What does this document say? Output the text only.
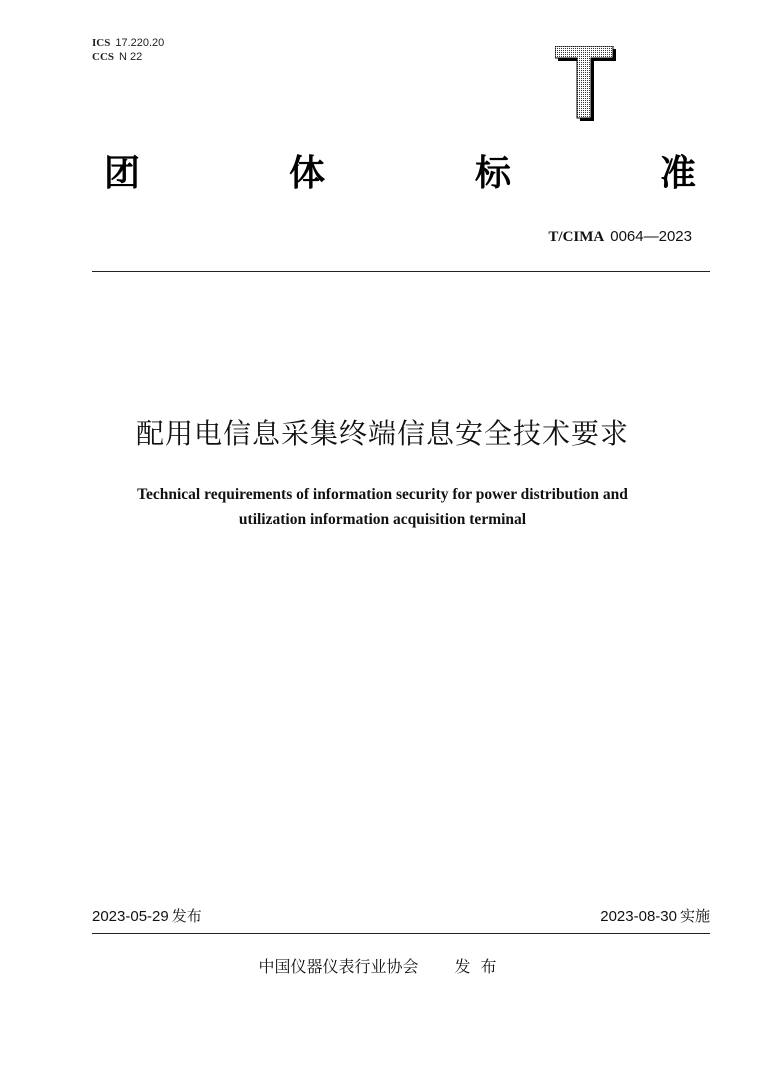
ICS 17.220.20
CCS N 22
团	体	标	准
T/CIMA 0064—2023
配用电信息采集终端信息安全技术要求
Technical requirements of information security for power distribution and
utilization information acquisition terminal
2023-05-29 发布	2023-08-30 实施
中国仪器仪表行业协会 发布
